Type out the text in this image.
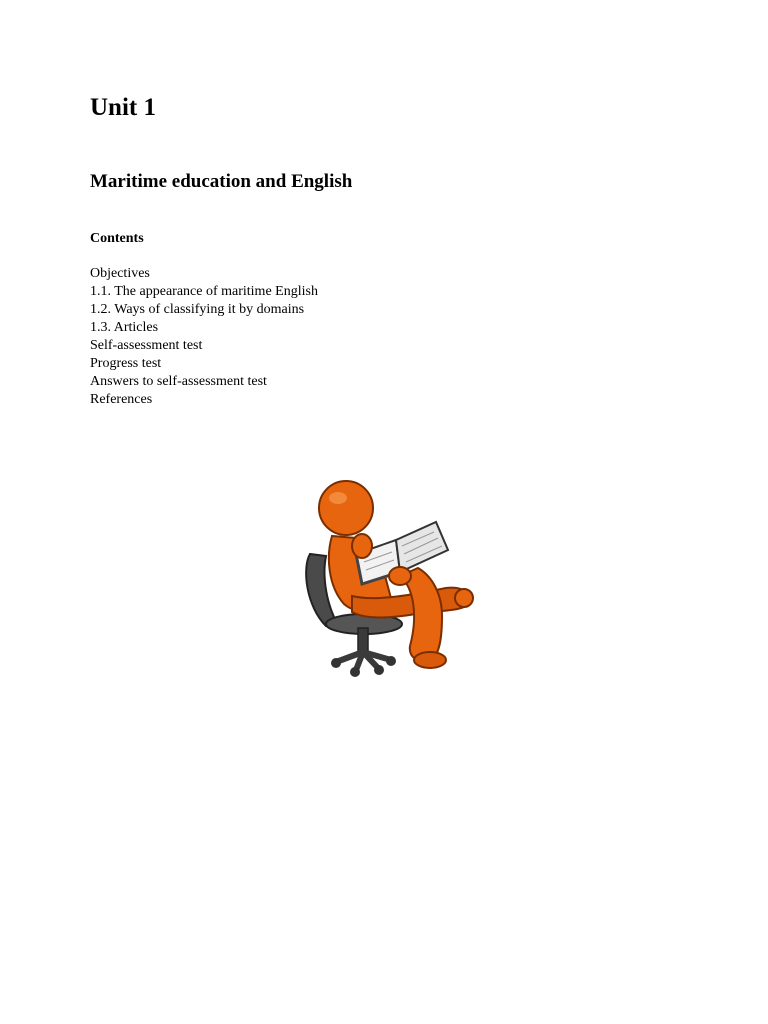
Unit 1
Maritime education and English
Contents
Objectives
1.1. The appearance of maritime English
1.2. Ways of classifying it by domains
1.3. Articles
Self-assessment test
Progress test
Answers to self-assessment test
References
